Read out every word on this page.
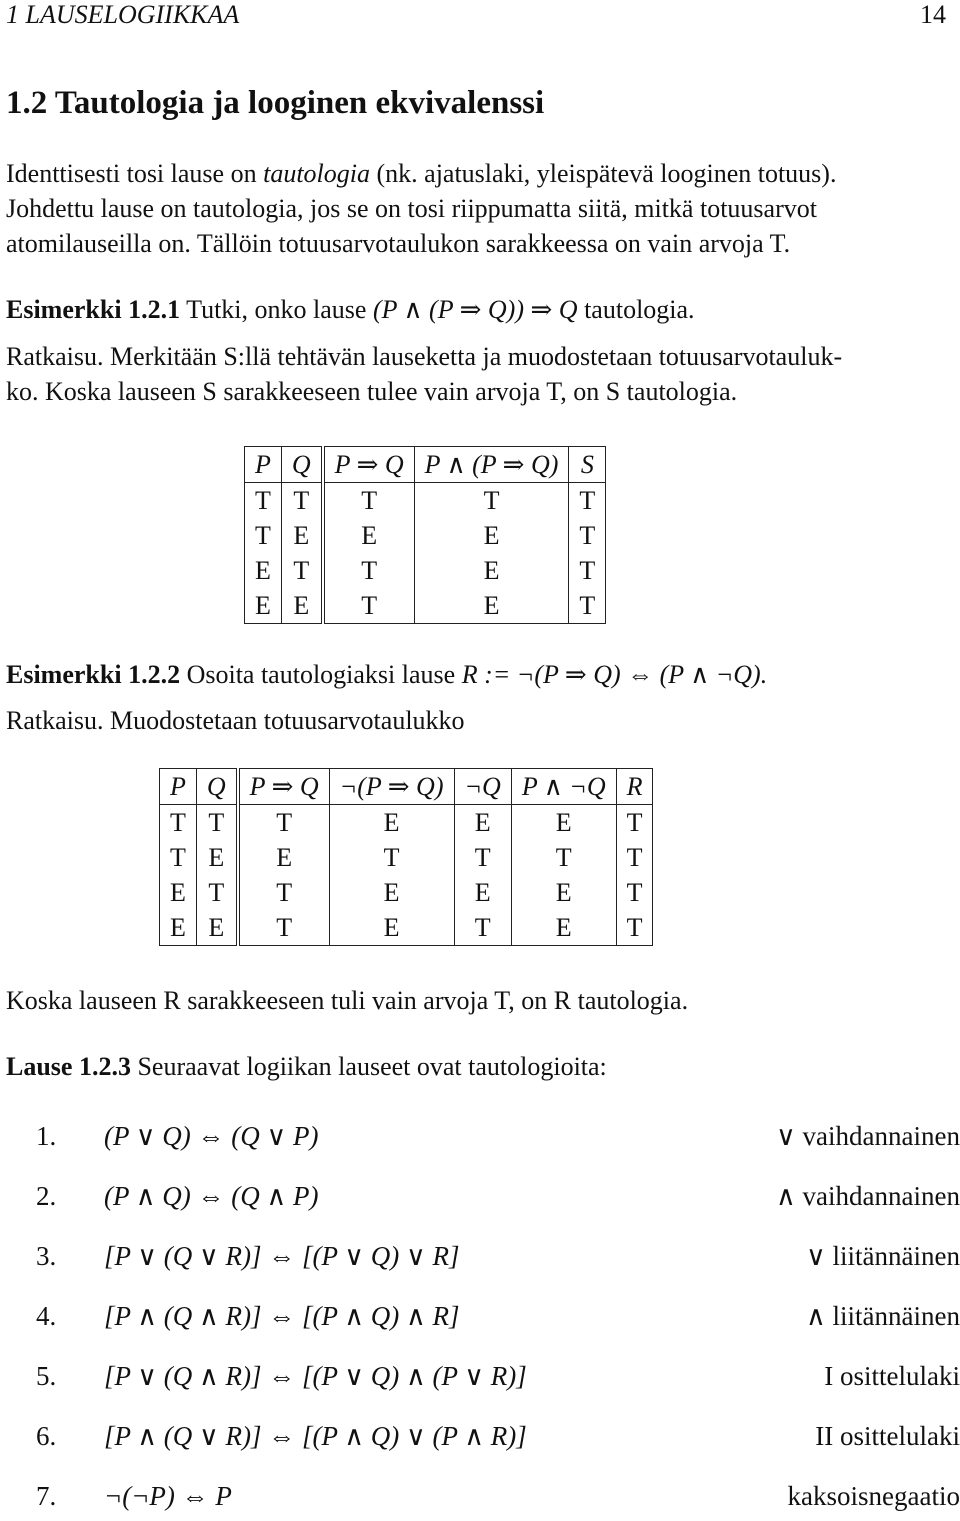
1 LAUSELOGIIKKAA	14
1.2 Tautologia ja looginen ekvivalenssi
Identtisesti tosi lause on tautologia (nk. ajatuslaki, yleispätevä looginen totuus).
Johdettu lause on tautologia, jos se on tosi riippumatta siitä, mitkä totuusarvot
atomilauseilla on. Tällöin totuusarvotaulukon sarakkeessa on vain arvoja T.
Esimerkki 1.2.1 Tutki, onko lause (P ∧ (P ⇒ Q)) ⇒ Q tautologia.
Ratkaisu. Merkitään S:llä tehtävän lauseketta ja muodostetaan totuusarvotauluk-
ko. Koska lauseen S sarakkeeseen tulee vain arvoja T, on S tautologia.
P	Q	P ⇒ Q	P ∧ (P ⇒ Q)	S
T	T	T	T	T
T	E	E	E	T
E	T	T	E	T
E	E	T	E	T
Esimerkki 1.2.2 Osoita tautologiaksi lause R := ¬(P ⇒ Q) ⇔ (P ∧ ¬Q).
Ratkaisu. Muodostetaan totuusarvotaulukko
P	Q	P ⇒ Q	¬(P ⇒ Q)	¬Q	P ∧ ¬Q	R
T	T	T	E	E	E	T
T	E	E	T	T	T	T
E	T	T	E	E	E	T
E	E	T	E	T	E	T
Koska lauseen R sarakkeeseen tuli vain arvoja T, on R tautologia.
Lause 1.2.3 Seuraavat logiikan lauseet ovat tautologioita:
1. (P ∨ Q) ⇔ (Q ∨ P)	∨ vaihdannainen
2. (P ∧ Q) ⇔ (Q ∧ P)	∧ vaihdannainen
3. [P ∨ (Q ∨ R)] ⇔ [(P ∨ Q) ∨ R]	∨ liitännäinen
4. [P ∧ (Q ∧ R)] ⇔ [(P ∧ Q) ∧ R]	∧ liitännäinen
5. [P ∨ (Q ∧ R)] ⇔ [(P ∨ Q) ∧ (P ∨ R)]	I osittelulaki
6. [P ∧ (Q ∨ R)] ⇔ [(P ∧ Q) ∨ (P ∧ R)]	II osittelulaki
7. ¬(¬P) ⇔ P	kaksoisnegaatio
